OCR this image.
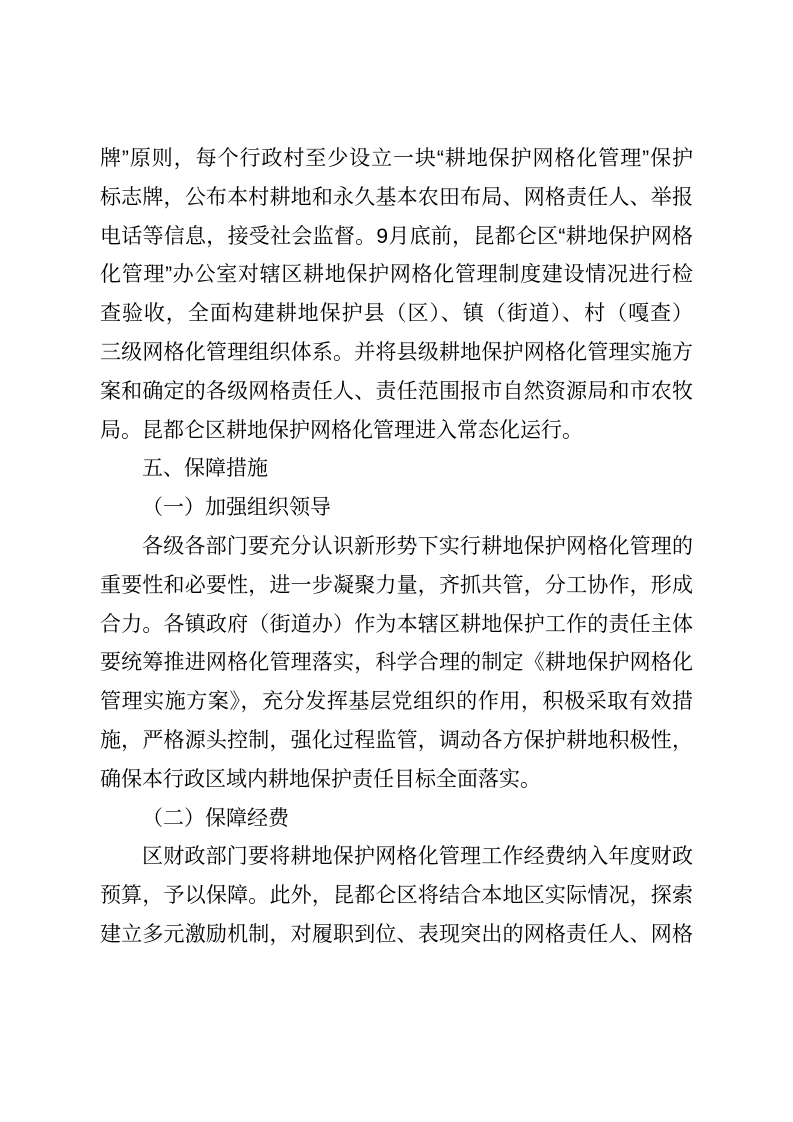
牌”原则，每个行政村至少设立一块“耕地保护网格化管理”保护
标志牌，公布本村耕地和永久基本农田布局、网格责任人、举报
电话等信息，接受社会监督。9月底前，昆都仑区“耕地保护网格
化管理”办公室对辖区耕地保护网格化管理制度建设情况进行检
查验收，全面构建耕地保护县（区）、镇（街道）、村（嘎查）
三级网格化管理组织体系。并将县级耕地保护网格化管理实施方
案和确定的各级网格责任人、责任范围报市自然资源局和市农牧
局。昆都仑区耕地保护网格化管理进入常态化运行。
五、保障措施
（一）加强组织领导
各级各部门要充分认识新形势下实行耕地保护网格化管理的
重要性和必要性，进一步凝聚力量，齐抓共管，分工协作，形成
合力。各镇政府（街道办）作为本辖区耕地保护工作的责任主体
要统筹推进网格化管理落实，科学合理的制定《耕地保护网格化
管理实施方案》，充分发挥基层党组织的作用，积极采取有效措
施，严格源头控制，强化过程监管，调动各方保护耕地积极性，
确保本行政区域内耕地保护责任目标全面落实。
（二）保障经费
区财政部门要将耕地保护网格化管理工作经费纳入年度财政
预算，予以保障。此外，昆都仑区将结合本地区实际情况，探索
建立多元激励机制，对履职到位、表现突出的网格责任人、网格
